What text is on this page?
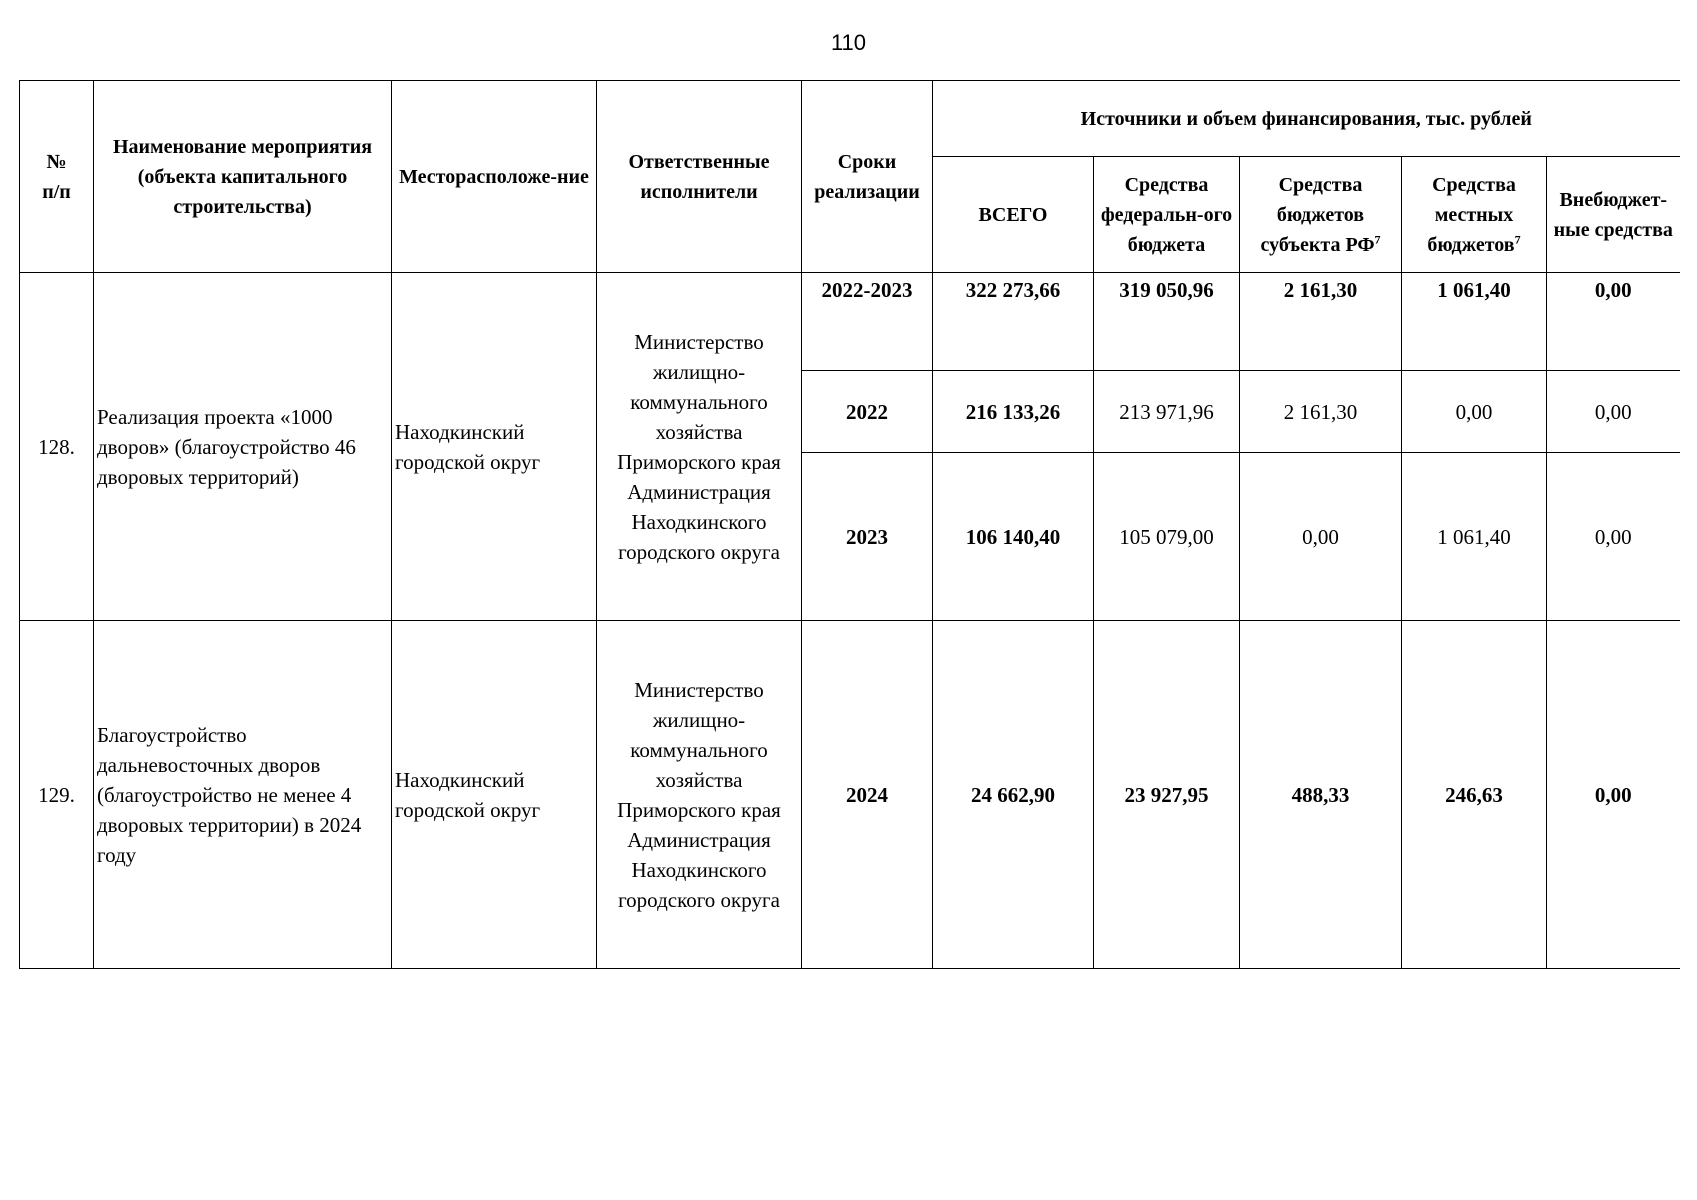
110
№
п/п	Наименование мероприятия (объекта капитального строительства)	Месторасположе-ние	Ответственные исполнители	Сроки реализации	Источники и объем финансирования, тыс. рублей				
					ВСЕГО	Средства федеральн-ого бюджета	Средства бюджетов субъекта $РФ^7$	Средства местных бюджетов$^7$	Внебюджет-ные средства
128.	Реализация проекта «1000 дворов» (благоустройство 46 дворовых территорий)	Находкинский городской округ	Министерство жилищно-коммунального хозяйства Приморского края Администрация Находкинского городского округа	2022-2023	322 273,66	319 050,96	2 161,30	1 061,40	0,00
				2022	216 133,26	213 971,96	2 161,30	0,00	0,00
				2023	106 140,40	105 079,00	0,00	1 061,40	0,00
129.	Благоустройство дальневосточных дворов (благоустройство не менее 4 дворовых территории) в 2024 году	Находкинский городской округ	Министерство жилищно-коммунального хозяйства Приморского края Администрация Находкинского городского округа	2024	24 662,90	23 927,95	488,33	246,63	0,00
